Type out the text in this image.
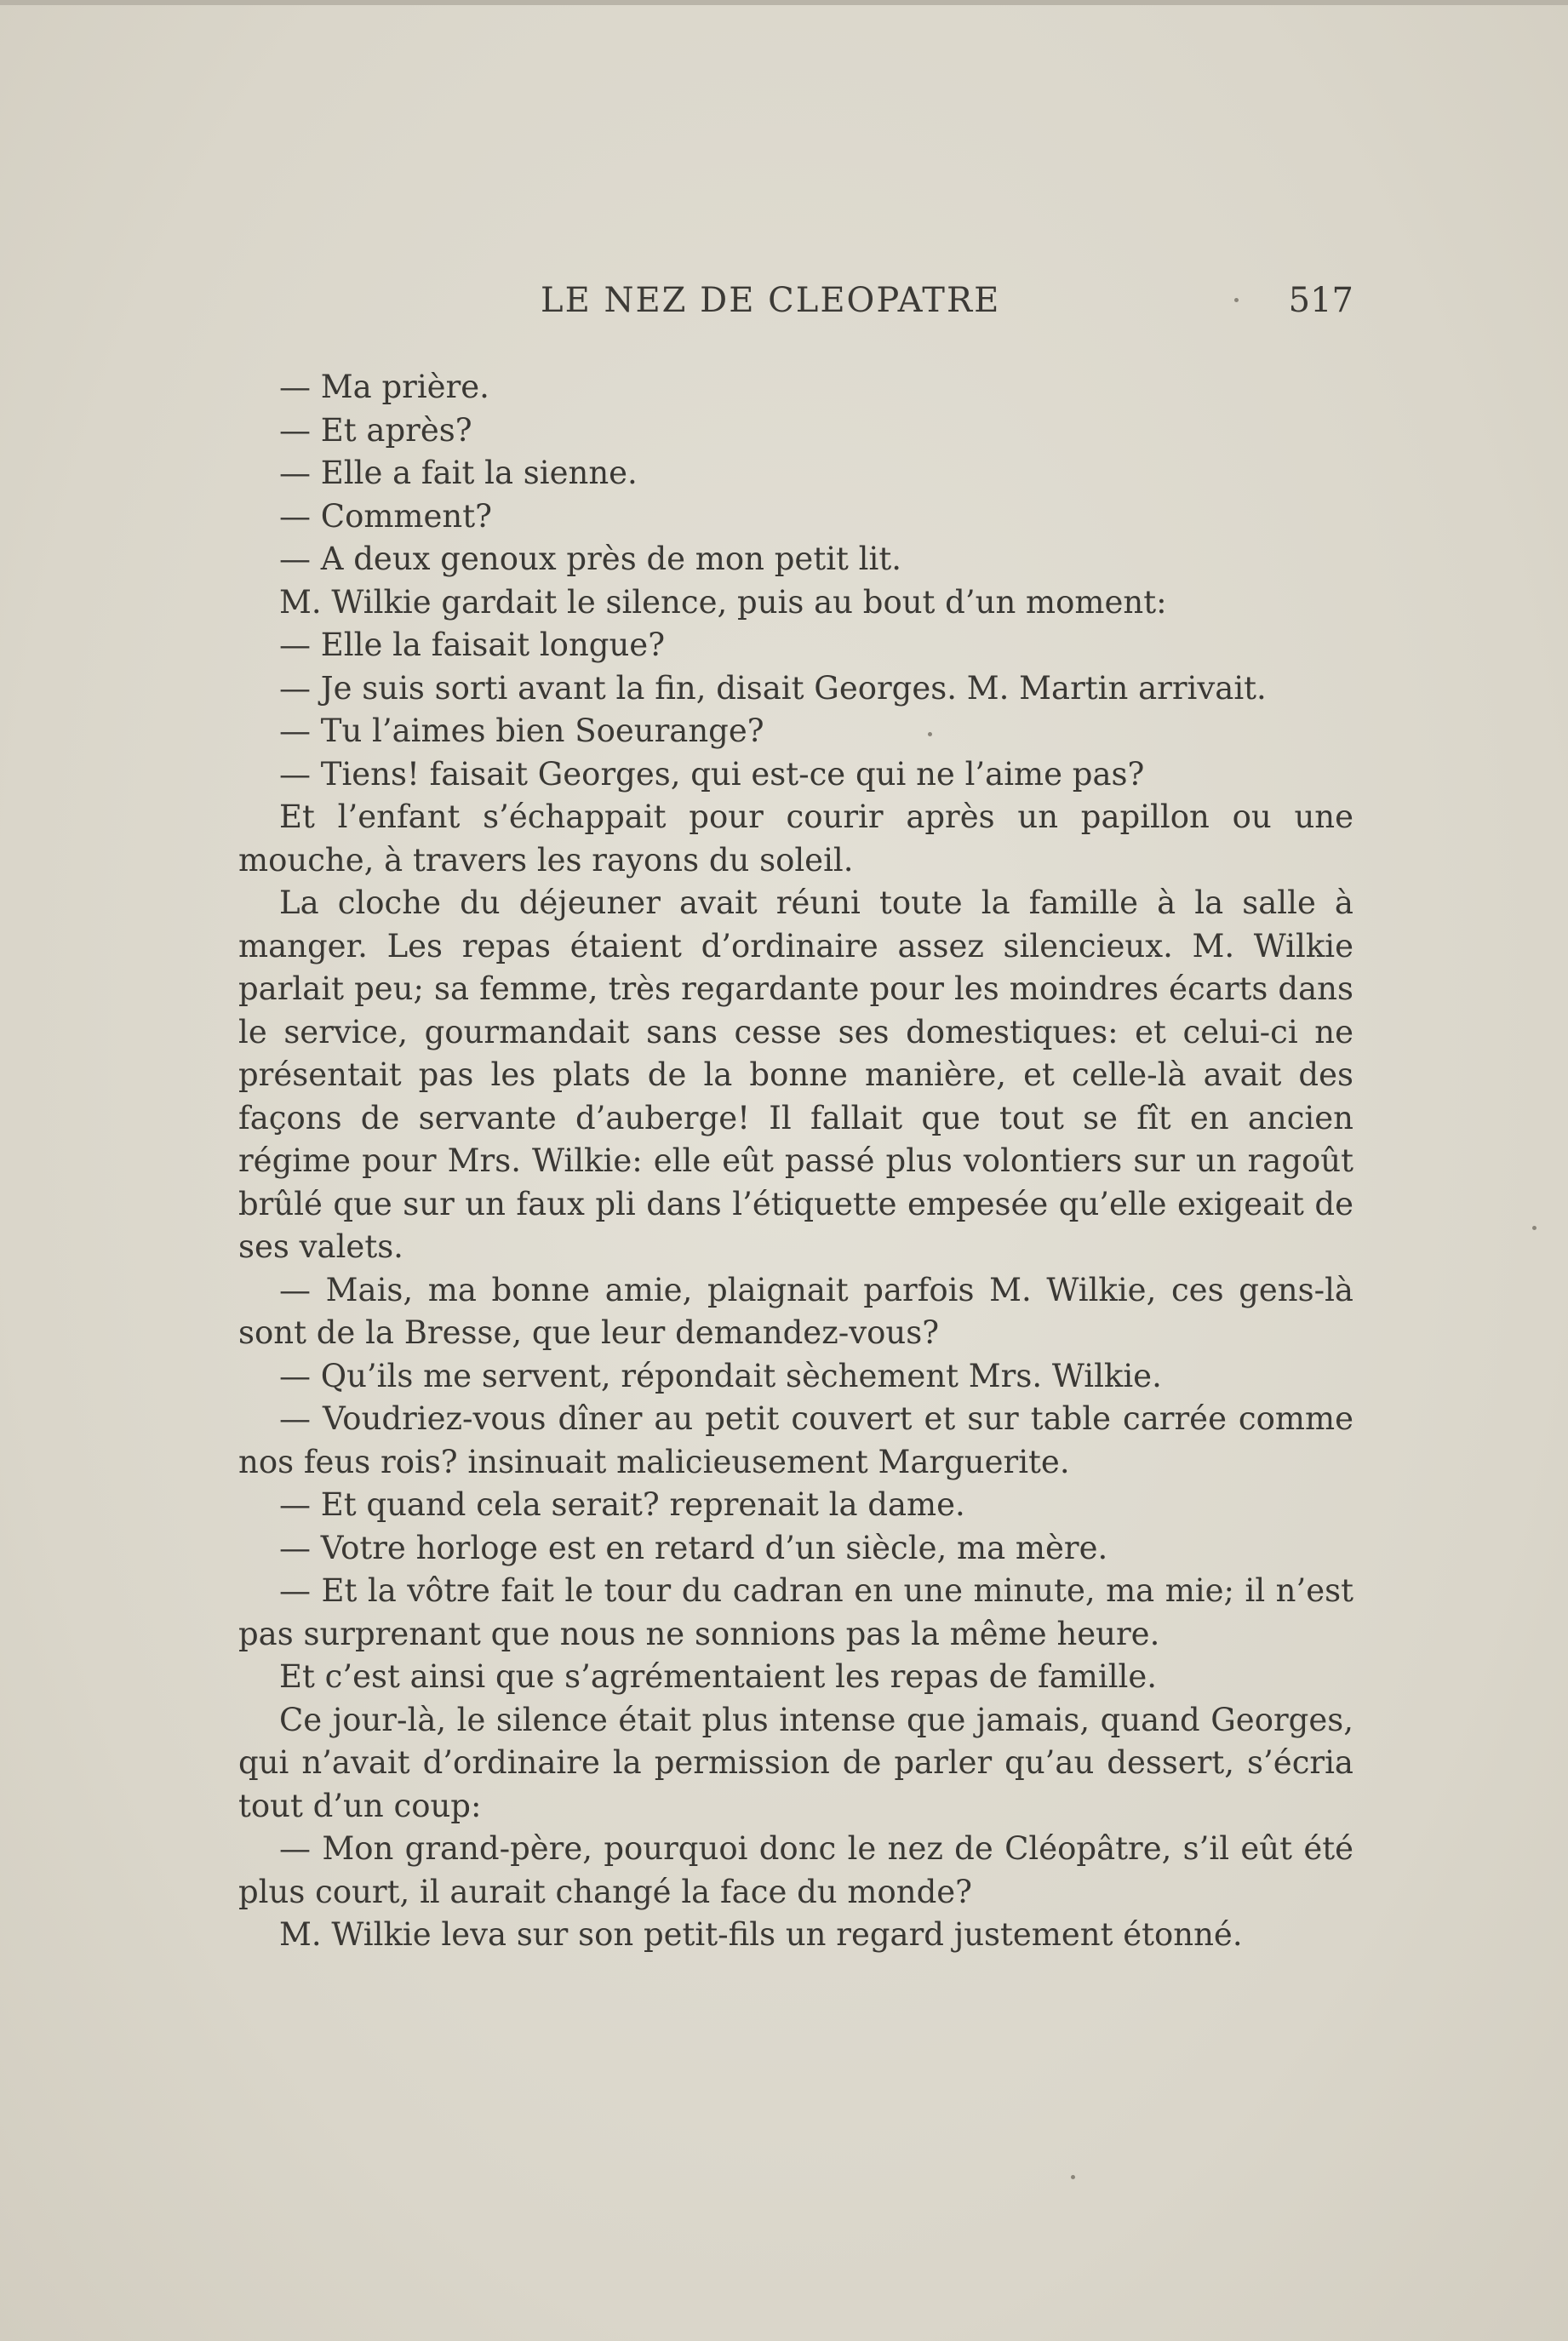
LE NEZ DE CLEOPATRE	517

— Ma prière.

— Et après?

— Elle a fait la sienne.

— Comment?

— A deux genoux près de mon petit lit.

M. Wilkie gardait le silence, puis au bout d’un moment:

— Elle la faisait longue?

— Je suis sorti avant la fin, disait Georges. M. Martin arrivait.

— Tu l’aimes bien Soeurange?

— Tiens! faisait Georges, qui est-ce qui ne l’aime pas?

Et l’enfant s’échappait pour courir après un papillon ou une mouche, à travers les rayons du soleil.

La cloche du déjeuner avait réuni toute la famille à la salle à manger. Les repas étaient d’ordinaire assez silencieux. M. Wilkie parlait peu; sa femme, très regardante pour les moindres écarts dans le service, gourmandait sans cesse ses domestiques: et celui-ci ne présentait pas les plats de la bonne manière, et celle-là avait des façons de servante d’auberge! Il fallait que tout se fît en ancien régime pour Mrs. Wilkie: elle eût passé plus volontiers sur un ragoût brûlé que sur un faux pli dans l’étiquette empesée qu’elle exigeait de ses valets.

— Mais, ma bonne amie, plaignait parfois M. Wilkie, ces gens-là sont de la Bresse, que leur demandez-vous?

— Qu’ils me servent, répondait sèchement Mrs. Wilkie.

— Voudriez-vous dîner au petit couvert et sur table carrée comme nos feus rois? insinuait malicieusement Marguerite.

— Et quand cela serait? reprenait la dame.

— Votre horloge est en retard d’un siècle, ma mère.

— Et la vôtre fait le tour du cadran en une minute, ma mie; il n’est pas surprenant que nous ne sonnions pas la même heure.

Et c’est ainsi que s’agrémentaient les repas de famille.

Ce jour-là, le silence était plus intense que jamais, quand Georges, qui n’avait d’ordinaire la permission de parler qu’au dessert, s’écria tout d’un coup:

— Mon grand-père, pourquoi donc le nez de Cléopâtre, s’il eût été plus court, il aurait changé la face du monde?

M. Wilkie leva sur son petit-fils un regard justement étonné.
